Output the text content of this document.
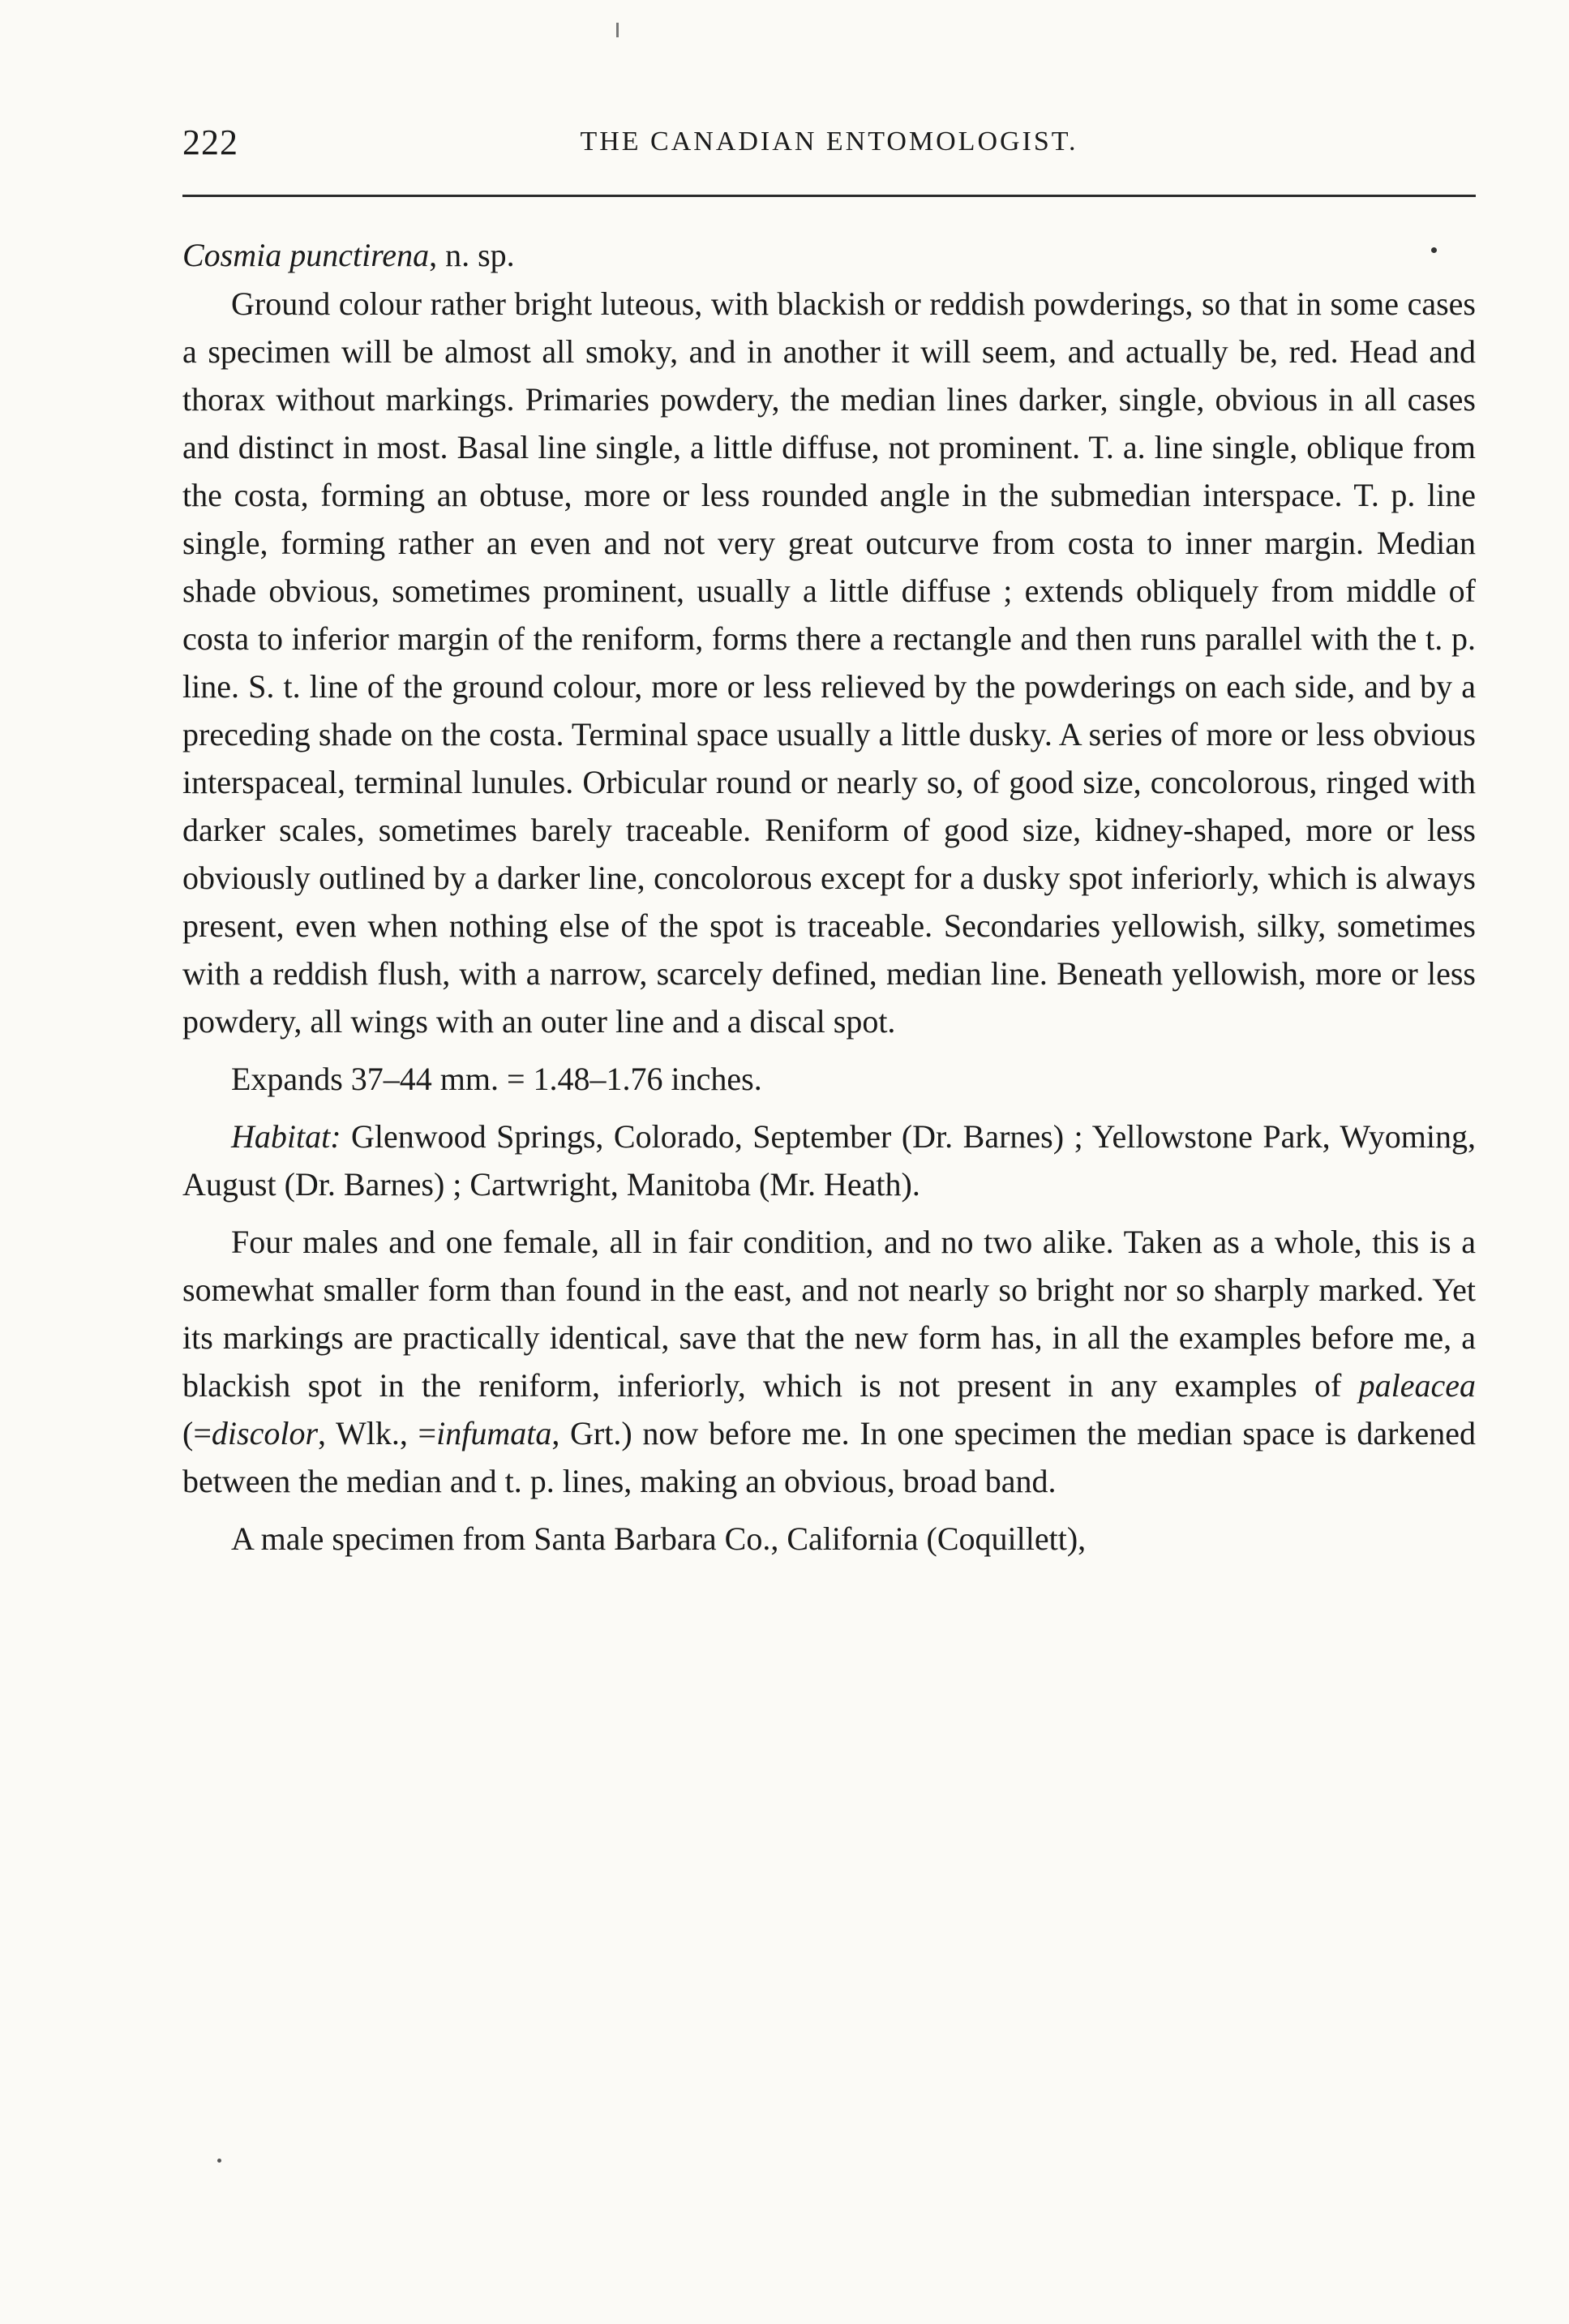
222	THE CANADIAN ENTOMOLOGIST.
Cosmia punctirena, n. sp.

Ground colour rather bright luteous, with blackish or reddish powderings, so that in some cases a specimen will be almost all smoky, and in another it will seem, and actually be, red. Head and thorax without markings. Primaries powdery, the median lines darker, single, obvious in all cases and distinct in most. Basal line single, a little diffuse, not prominent. T. a. line single, oblique from the costa, forming an obtuse, more or less rounded angle in the submedian interspace. T. p. line single, forming rather an even and not very great outcurve from costa to inner margin. Median shade obvious, sometimes prominent, usually a little diffuse ; extends obliquely from middle of costa to inferior margin of the reniform, forms there a rectangle and then runs parallel with the t. p. line. S. t. line of the ground colour, more or less relieved by the powderings on each side, and by a preceding shade on the costa. Terminal space usually a little dusky. A series of more or less obvious interspaceal, terminal lunules. Orbicular round or nearly so, of good size, concolorous, ringed with darker scales, sometimes barely traceable. Reniform of good size, kidney-shaped, more or less obviously outlined by a darker line, concolorous except for a dusky spot inferiorly, which is always present, even when nothing else of the spot is traceable. Secondaries yellowish, silky, sometimes with a reddish flush, with a narrow, scarcely defined, median line. Beneath yellowish, more or less powdery, all wings with an outer line and a discal spot.

Expands 37–44 mm. = 1.48–1.76 inches.

Habitat: Glenwood Springs, Colorado, September (Dr. Barnes) ; Yellowstone Park, Wyoming, August (Dr. Barnes) ; Cartwright, Manitoba (Mr. Heath).

Four males and one female, all in fair condition, and no two alike. Taken as a whole, this is a somewhat smaller form than found in the east, and not nearly so bright nor so sharply marked. Yet its markings are practically identical, save that the new form has, in all the examples before me, a blackish spot in the reniform, inferiorly, which is not present in any examples of paleacea (=discolor, Wlk., =infumata, Grt.) now before me. In one specimen the median space is darkened between the median and t. p. lines, making an obvious, broad band.

A male specimen from Santa Barbara Co., California (Coquillett),
